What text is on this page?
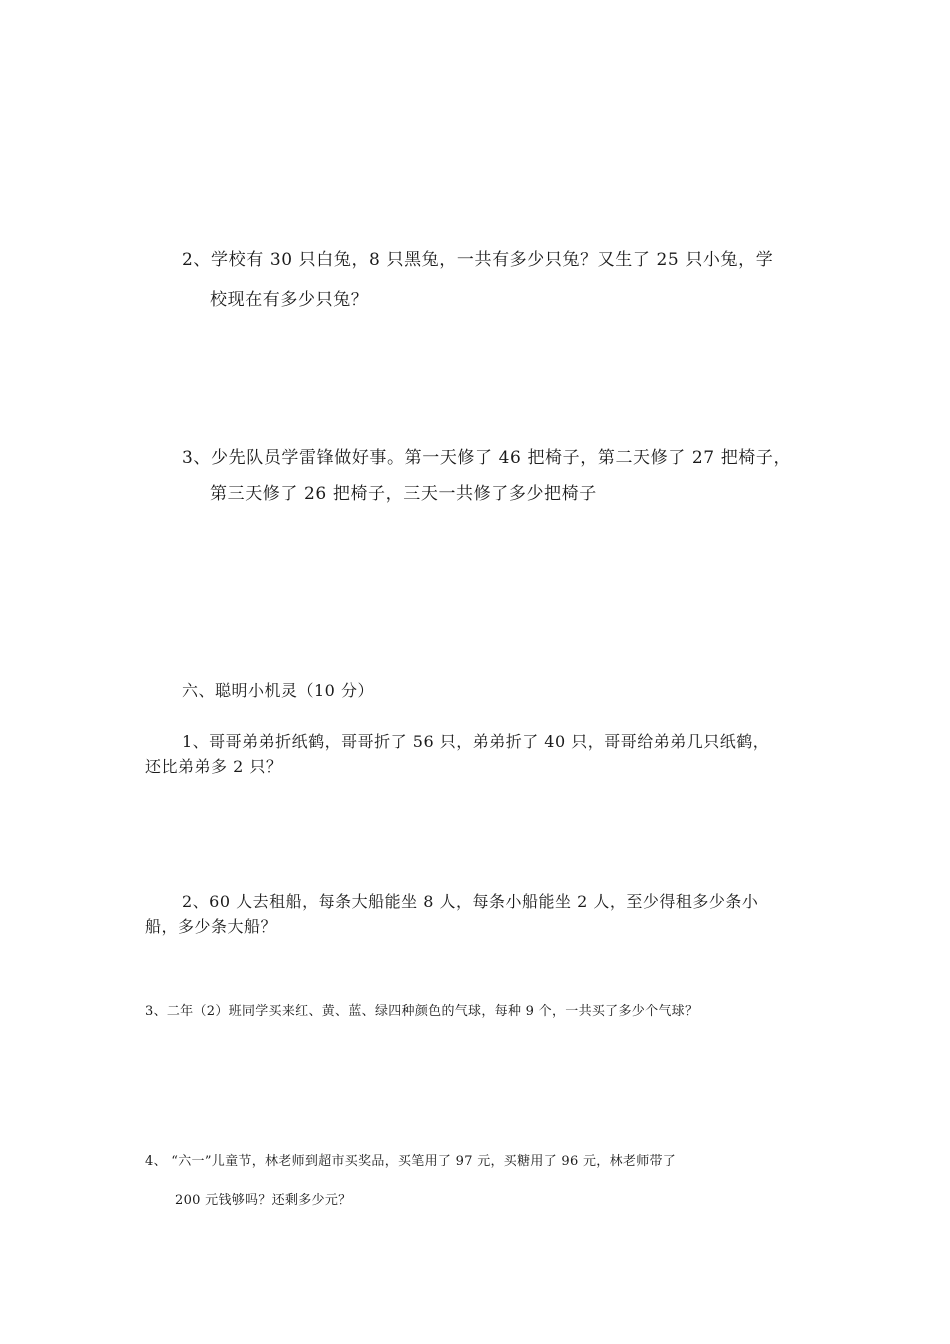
2、学校有 30 只白兔，8 只黑兔，一共有多少只兔？又生了 25 只小兔，学
校现在有多少只兔？
3、少先队员学雷锋做好事。第一天修了 46 把椅子，第二天修了 27 把椅子，
第三天修了 26 把椅子，三天一共修了多少把椅子
六、聪明小机灵（10 分）
1、哥哥弟弟折纸鹤，哥哥折了 56 只，弟弟折了 40 只，哥哥给弟弟几只纸鹤，
还比弟弟多 2 只？
2、60 人去租船，每条大船能坐 8 人，每条小船能坐 2 人，至少得租多少条小
船，多少条大船？
3、二年（2）班同学买来红、黄、蓝、绿四种颜色的气球，每种 9 个，一共买了多少个气球？
4、 “六一”儿童节，林老师到超市买奖品，买笔用了 97 元，买糖用了 96 元，林老师带了
200 元钱够吗？还剩多少元？
